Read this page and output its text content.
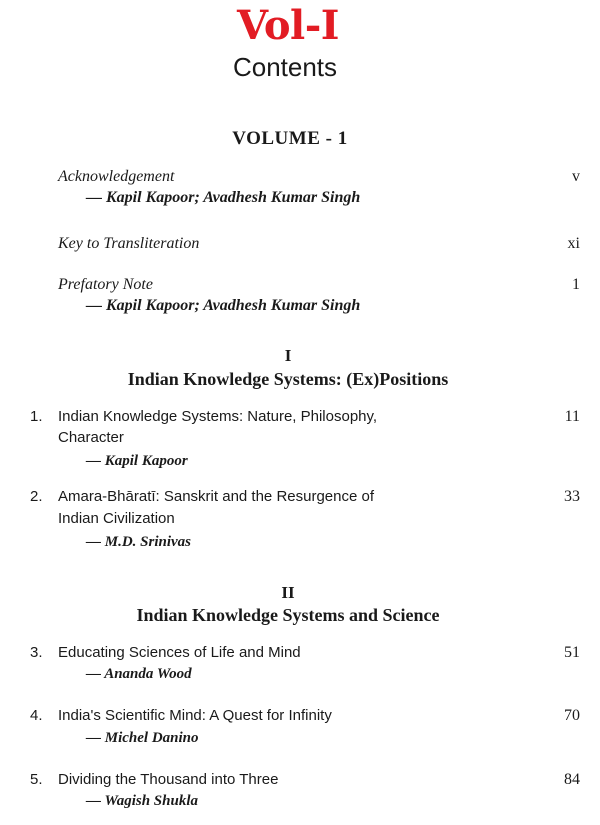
Vol-I
Contents
VOLUME - 1
Acknowledgement
— Kapil Kapoor; Avadhesh Kumar Singh
v
Key to Transliteration	xi
Prefatory Note
— Kapil Kapoor; Avadhesh Kumar Singh
1
I
Indian Knowledge Systems: (Ex)Positions
1. Indian Knowledge Systems: Nature, Philosophy,
Character
— Kapil Kapoor
11
2. Amara-Bhāratī: Sanskrit and the Resurgence of
Indian Civilization
— M.D. Srinivas
33
II
Indian Knowledge Systems and Science
3. Educating Sciences of Life and Mind
— Ananda Wood
51
4. India's Scientific Mind: A Quest for Infinity
— Michel Danino
70
5. Dividing the Thousand into Three
— Wagish Shukla
84
